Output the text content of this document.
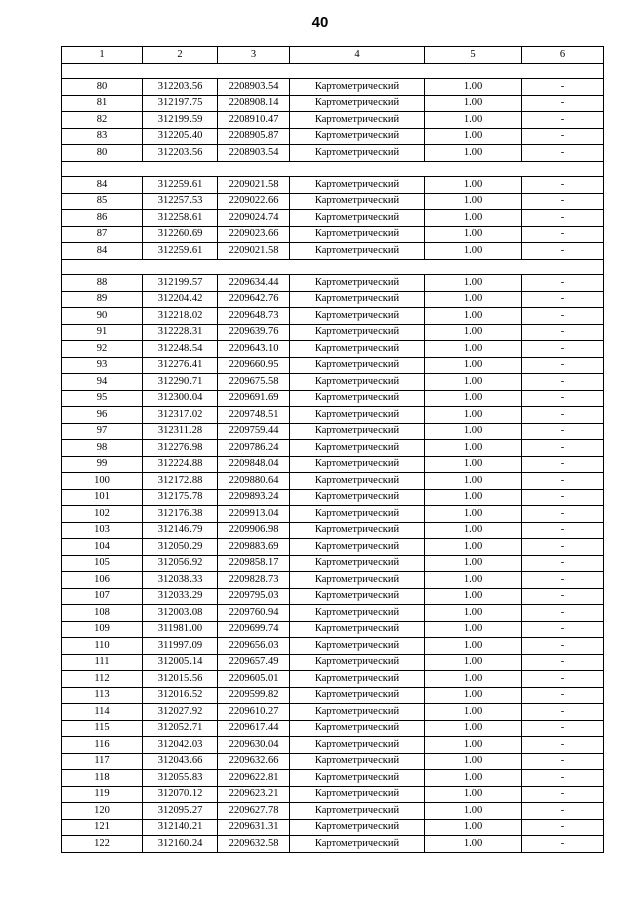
40
1	2	3	4	5	6

80	312203.56	2208903.54	Картометрический	1.00	-
81	312197.75	2208908.14	Картометрический	1.00	-
82	312199.59	2208910.47	Картометрический	1.00	-
83	312205.40	2208905.87	Картометрический	1.00	-
80	312203.56	2208903.54	Картометрический	1.00	-

84	312259.61	2209021.58	Картометрический	1.00	-
85	312257.53	2209022.66	Картометрический	1.00	-
86	312258.61	2209024.74	Картометрический	1.00	-
87	312260.69	2209023.66	Картометрический	1.00	-
84	312259.61	2209021.58	Картометрический	1.00	-

88	312199.57	2209634.44	Картометрический	1.00	-
89	312204.42	2209642.76	Картометрический	1.00	-
90	312218.02	2209648.73	Картометрический	1.00	-
91	312228.31	2209639.76	Картометрический	1.00	-
92	312248.54	2209643.10	Картометрический	1.00	-
93	312276.41	2209660.95	Картометрический	1.00	-
94	312290.71	2209675.58	Картометрический	1.00	-
95	312300.04	2209691.69	Картометрический	1.00	-
96	312317.02	2209748.51	Картометрический	1.00	-
97	312311.28	2209759.44	Картометрический	1.00	-
98	312276.98	2209786.24	Картометрический	1.00	-
99	312224.88	2209848.04	Картометрический	1.00	-
100	312172.88	2209880.64	Картометрический	1.00	-
101	312175.78	2209893.24	Картометрический	1.00	-
102	312176.38	2209913.04	Картометрический	1.00	-
103	312146.79	2209906.98	Картометрический	1.00	-
104	312050.29	2209883.69	Картометрический	1.00	-
105	312056.92	2209858.17	Картометрический	1.00	-
106	312038.33	2209828.73	Картометрический	1.00	-
107	312033.29	2209795.03	Картометрический	1.00	-
108	312003.08	2209760.94	Картометрический	1.00	-
109	311981.00	2209699.74	Картометрический	1.00	-
110	311997.09	2209656.03	Картометрический	1.00	-
111	312005.14	2209657.49	Картометрический	1.00	-
112	312015.56	2209605.01	Картометрический	1.00	-
113	312016.52	2209599.82	Картометрический	1.00	-
114	312027.92	2209610.27	Картометрический	1.00	-
115	312052.71	2209617.44	Картометрический	1.00	-
116	312042.03	2209630.04	Картометрический	1.00	-
117	312043.66	2209632.66	Картометрический	1.00	-
118	312055.83	2209622.81	Картометрический	1.00	-
119	312070.12	2209623.21	Картометрический	1.00	-
120	312095.27	2209627.78	Картометрический	1.00	-
121	312140.21	2209631.31	Картометрический	1.00	-
122	312160.24	2209632.58	Картометрический	1.00	-
